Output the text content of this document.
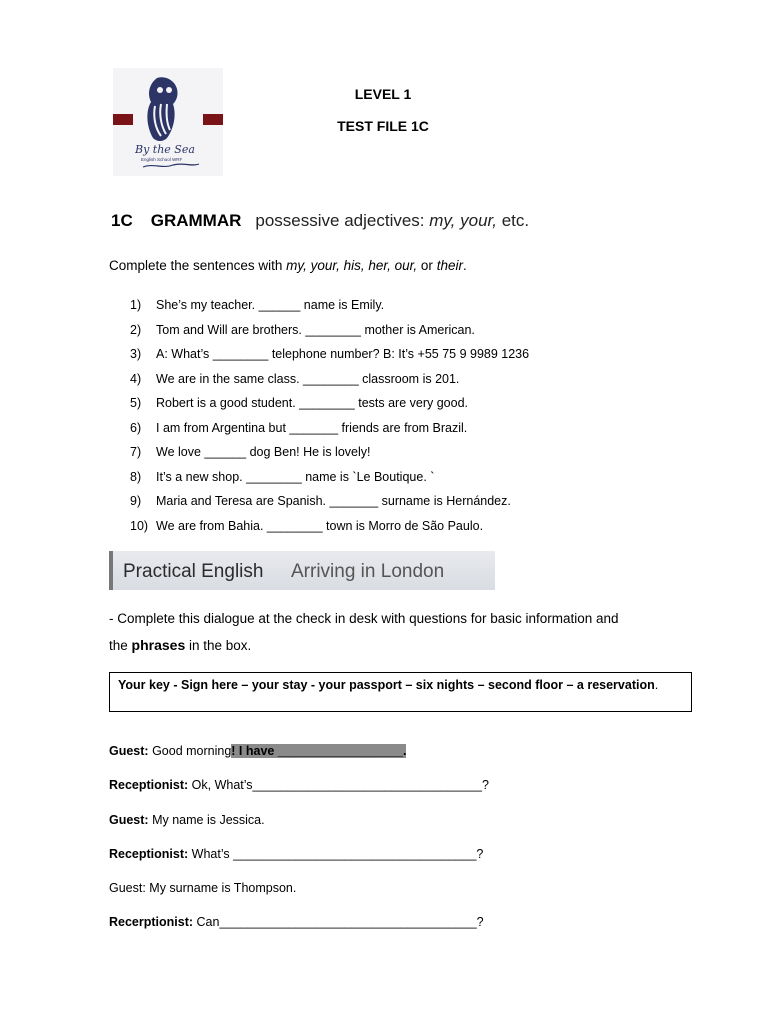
By the Sea
English School WRF
LEVEL 1
TEST FILE 1C
1C GRAMMAR possessive adjectives: my, your, etc.
Complete the sentences with my, your, his, her, our, or their.
1) She’s my teacher. ______ name is Emily.
2) Tom and Will are brothers. ________ mother is American.
3) A: What’s ________ telephone number? B: It’s +55 75 9 9989 1236
4) We are in the same class. ________ classroom is 201.
5) Robert is a good student. ________ tests are very good.
6) I am from Argentina but _______ friends are from Brazil.
7) We love ______ dog Ben! He is lovely!
8) It’s a new shop. ________ name is `Le Boutique. `
9) Maria and Teresa are Spanish. _______ surname is Hernández.
10) We are from Bahia. ________ town is Morro de São Paulo.
Practical English Arriving in London
- Complete this dialogue at the check in desk with questions for basic information and
the phrases in the box.
Your key - Sign here – your stay - your passport – six nights – second floor – a reservation.
Guest: Good morning! I have __________________.
Receptionist: Ok, What’s_________________________________?
Guest: My name is Jessica.
Receptionist: What’s ___________________________________?
Guest: My surname is Thompson.
Recerptionist: Can_____________________________________?
